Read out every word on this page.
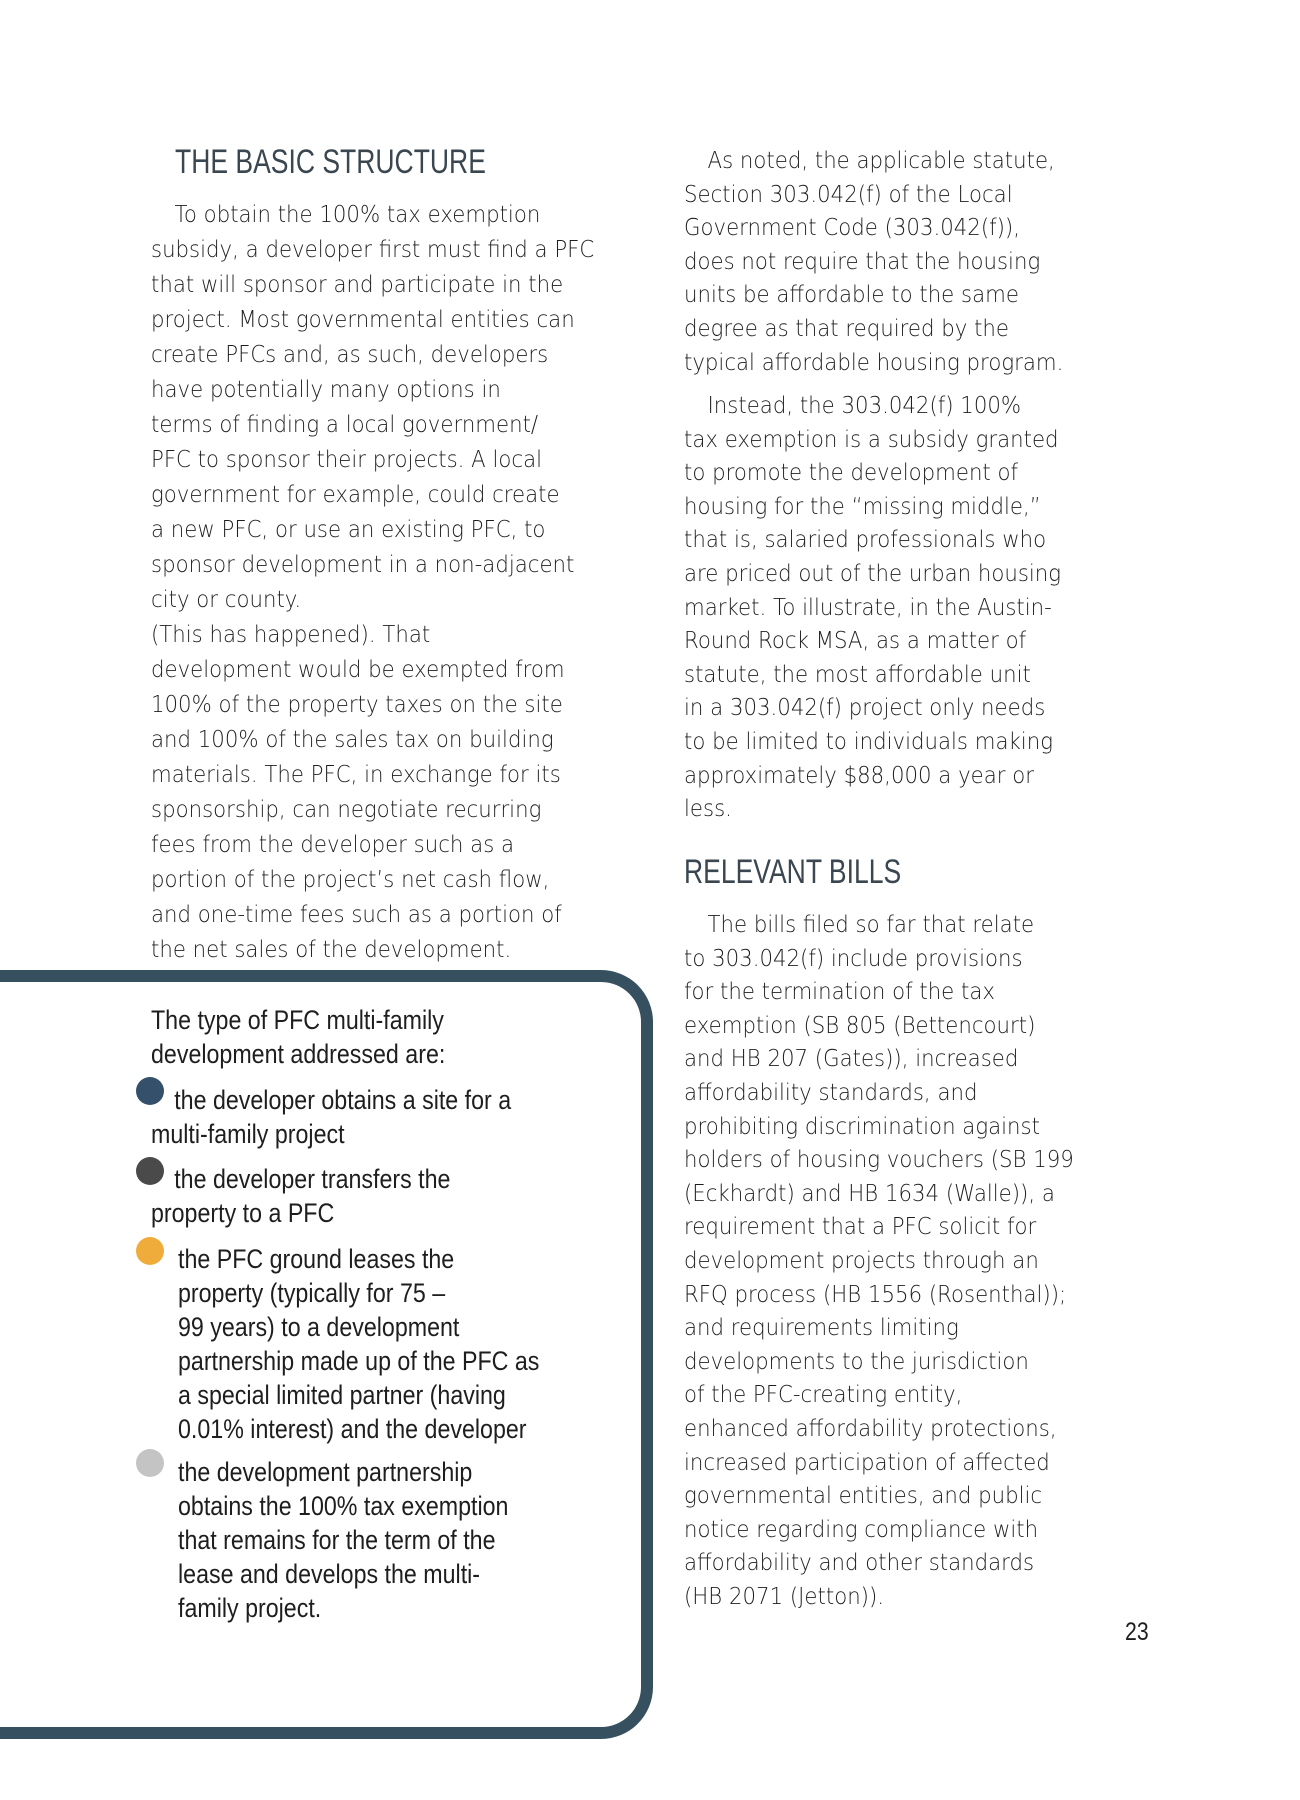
THE BASIC STRUCTURE
To obtain the 100% tax exemption
subsidy, a developer first must find a PFC
that will sponsor and participate in the
project. Most governmental entities can
create PFCs and, as such, developers
have potentially many options in
terms of finding a local government/
PFC to sponsor their projects. A local
government for example, could create
a new PFC, or use an existing PFC, to
sponsor development in a non-adjacent
city or county.
(This has happened). That
development would be exempted from
100% of the property taxes on the site
and 100% of the sales tax on building
materials. The PFC, in exchange for its
sponsorship, can negotiate recurring
fees from the developer such as a
portion of the project’s net cash flow,
and one-time fees such as a portion of
the net sales of the development.
The type of PFC multi-family
development addressed are:
the developer obtains a site for a
multi-family project
the developer transfers the
property to a PFC
the PFC ground leases the
property (typically for 75 –
99 years) to a development
partnership made up of the PFC as
a special limited partner (having
0.01% interest) and the developer
the development partnership
obtains the 100% tax exemption
that remains for the term of the
lease and develops the multi-
family project.
As noted, the applicable statute,
Section 303.042(f) of the Local
Government Code (303.042(f)),
does not require that the housing
units be affordable to the same
degree as that required by the
typical affordable housing program.
Instead, the 303.042(f) 100%
tax exemption is a subsidy granted
to promote the development of
housing for the “missing middle,”
that is, salaried professionals who
are priced out of the urban housing
market. To illustrate, in the Austin-
Round Rock MSA, as a matter of
statute, the most affordable unit
in a 303.042(f) project only needs
to be limited to individuals making
approximately $88,000 a year or
less.
RELEVANT BILLS
The bills filed so far that relate
to 303.042(f) include provisions
for the termination of the tax
exemption (SB 805 (Bettencourt)
and HB 207 (Gates)), increased
affordability standards, and
prohibiting discrimination against
holders of housing vouchers (SB 199
(Eckhardt) and HB 1634 (Walle)), a
requirement that a PFC solicit for
development projects through an
RFQ process (HB 1556 (Rosenthal));
and requirements limiting
developments to the jurisdiction
of the PFC-creating entity,
enhanced affordability protections,
increased participation of affected
governmental entities, and public
notice regarding compliance with
affordability and other standards
(HB 2071 (Jetton)).
23
